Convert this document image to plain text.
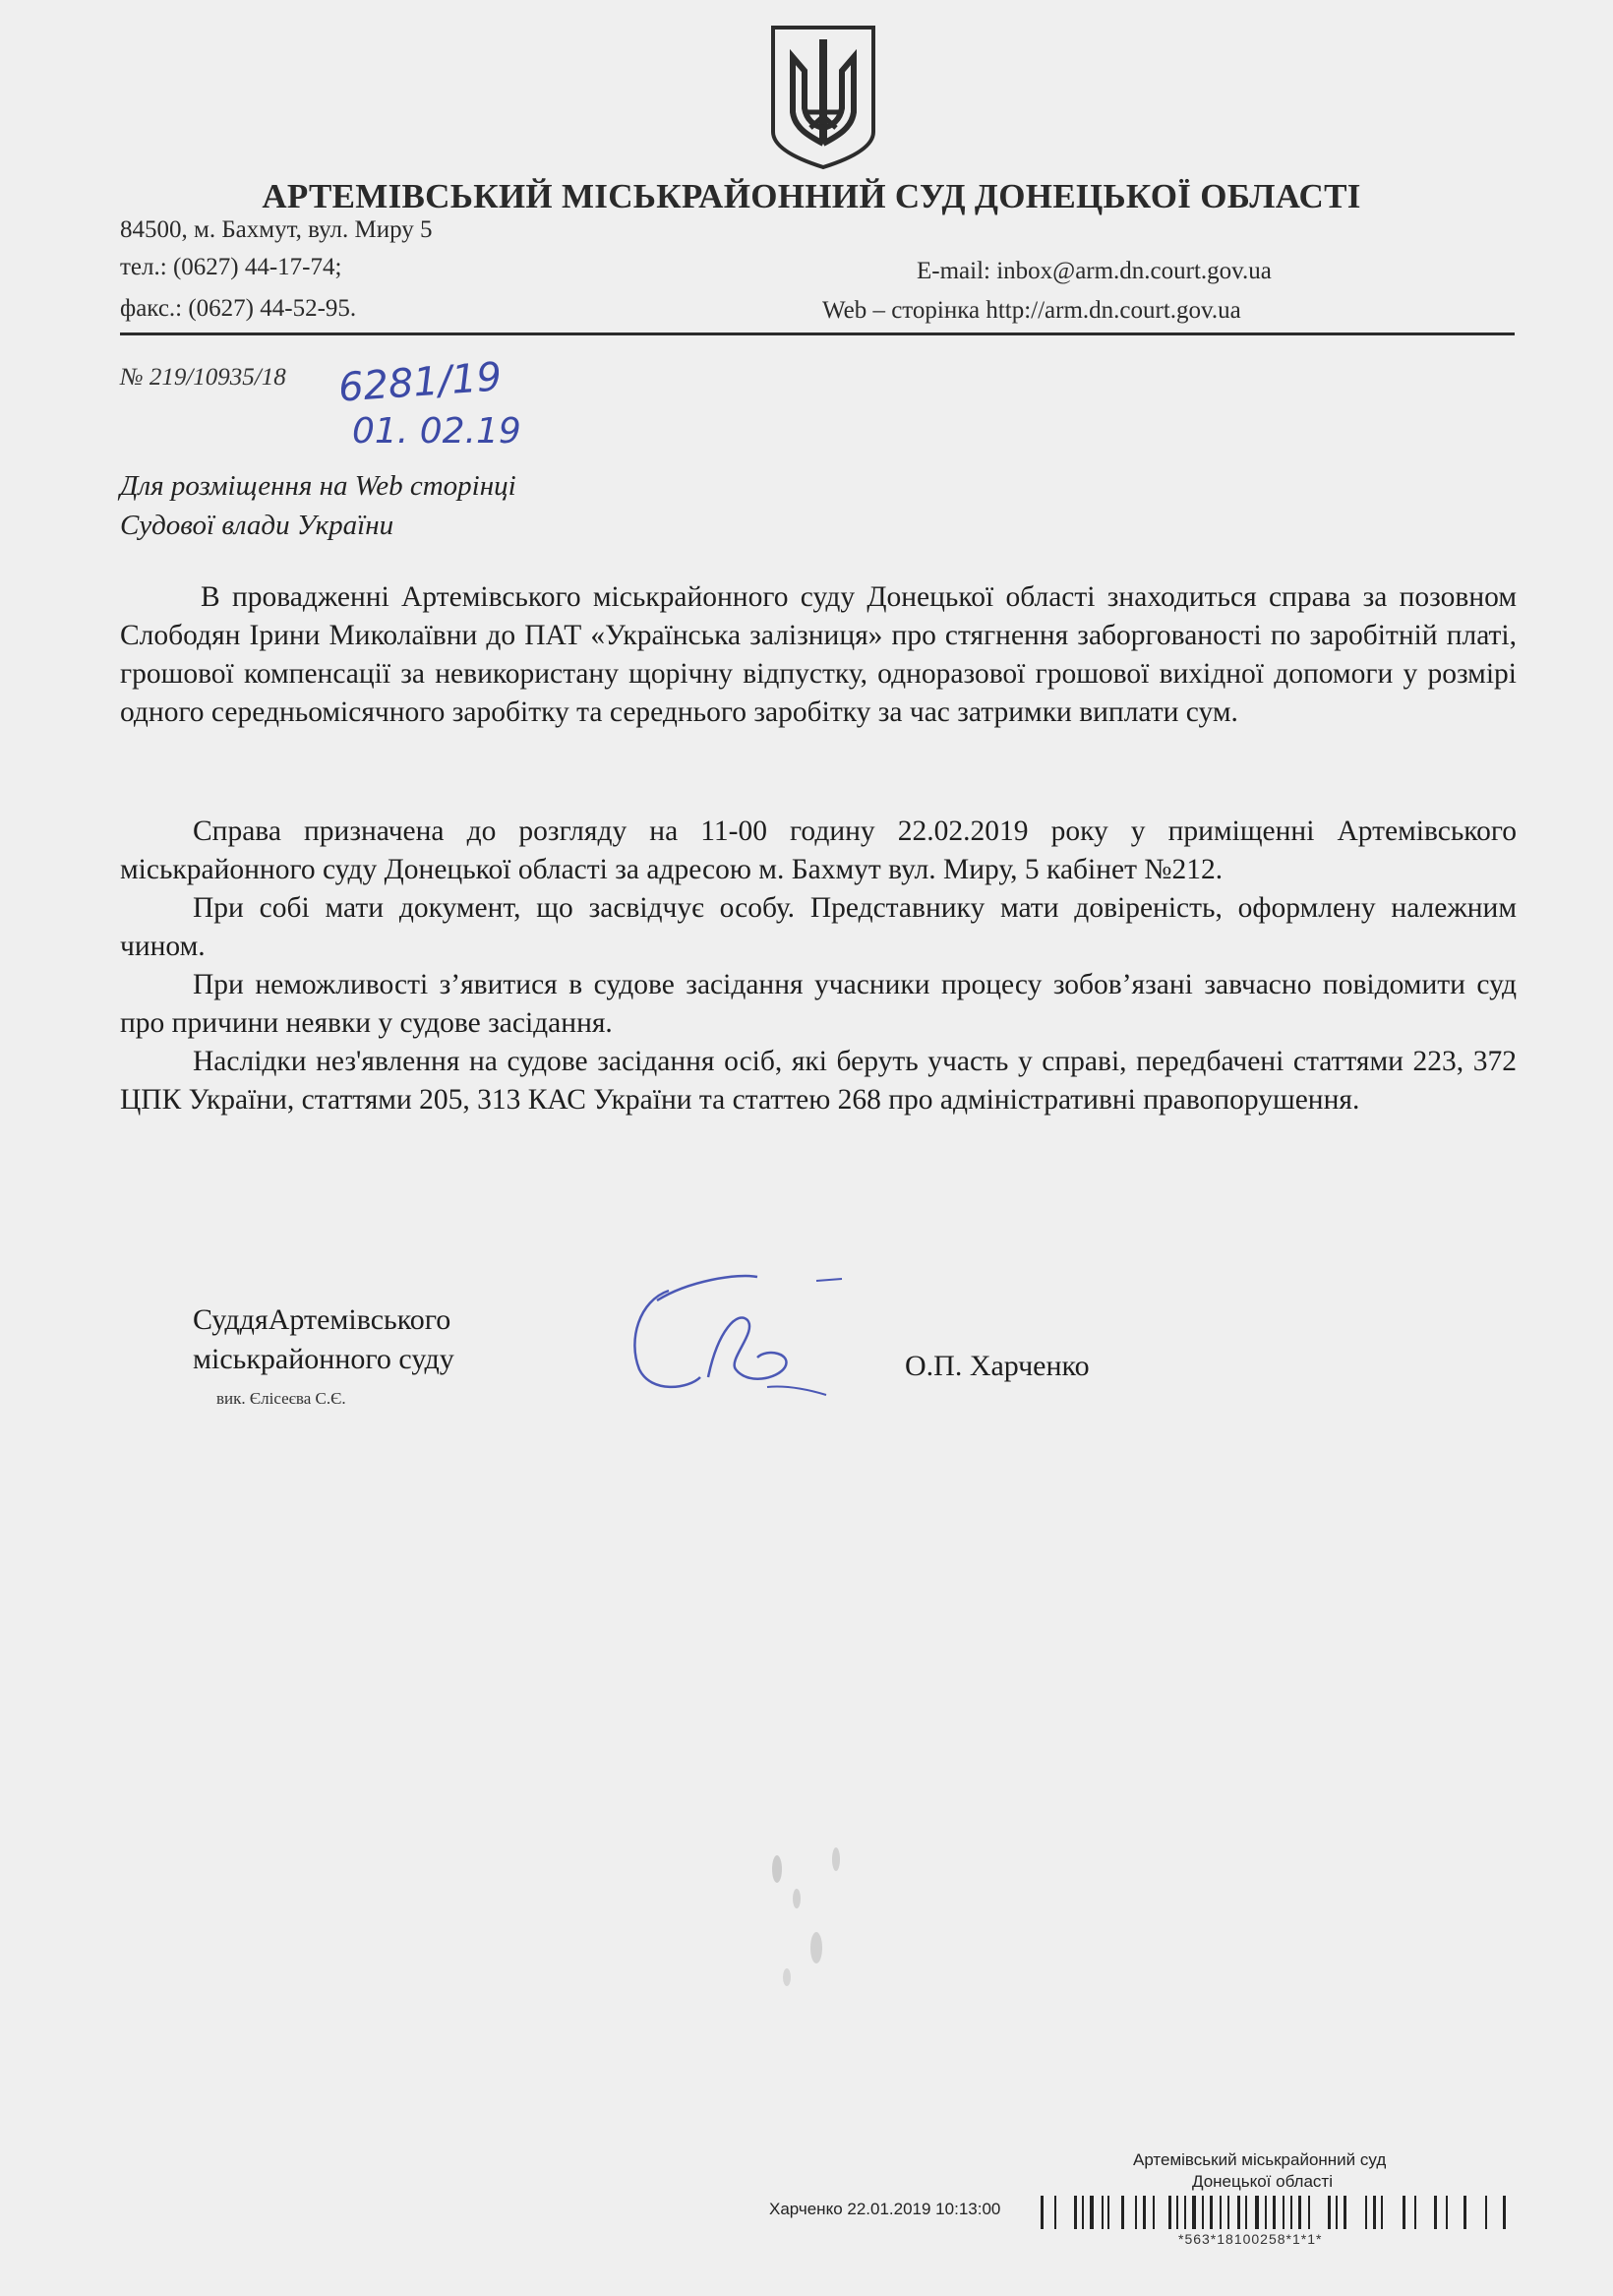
АРТЕМІВСЬКИЙ МІСЬКРАЙОННИЙ СУД ДОНЕЦЬКОЇ ОБЛАСТІ
84500, м. Бахмут, вул. Миру 5
тел.: (0627) 44-17-74;
факс.: (0627) 44-52-95.
E-mail: inbox@arm.dn.court.gov.ua
Web – сторінка http://arm.dn.court.gov.ua
№ 219/10935/18 6281/19
01. 02.19
Для розміщення на Web сторінці
Судової влади України
В провадженні Артемівського міськрайонного суду Донецької області знаходиться справа за позовном Слободян Ірини Миколаївни до ПАТ «Українська залізниця» про стягнення заборгованості по заробітній платі, грошової компенсації за невикористану щорічну відпустку, одноразової грошової вихідної допомоги у розмірі одного середньомісячного заробітку та середнього заробітку за час затримки виплати сум.
Справа призначена до розгляду на 11-00 годину 22.02.2019 року у приміщенні Артемівського міськрайонного суду Донецької області за адресою м. Бахмут вул. Миру, 5 кабінет №212.
При собі мати документ, що засвідчує особу. Представнику мати довіреність, оформлену належним чином.
При неможливості з’явитися в судове засідання учасники процесу зобов’язані завчасно повідомити суд про причини неявки у судове засідання.
Наслідки нез'явлення на судове засідання осіб, які беруть участь у справі, передбачені статтями 223, 372 ЦПК України, статтями 205, 313 КАС України та статтею 268 про адміністративні правопорушення.
СуддяАртемівського міськрайонного суду
вик. Єлісеєва С.Є.
О.П. Харченко
Артемівський міськрайонний суд
Донецької області
Харченко 22.01.2019 10:13:00
*563*18100258*1*1*
